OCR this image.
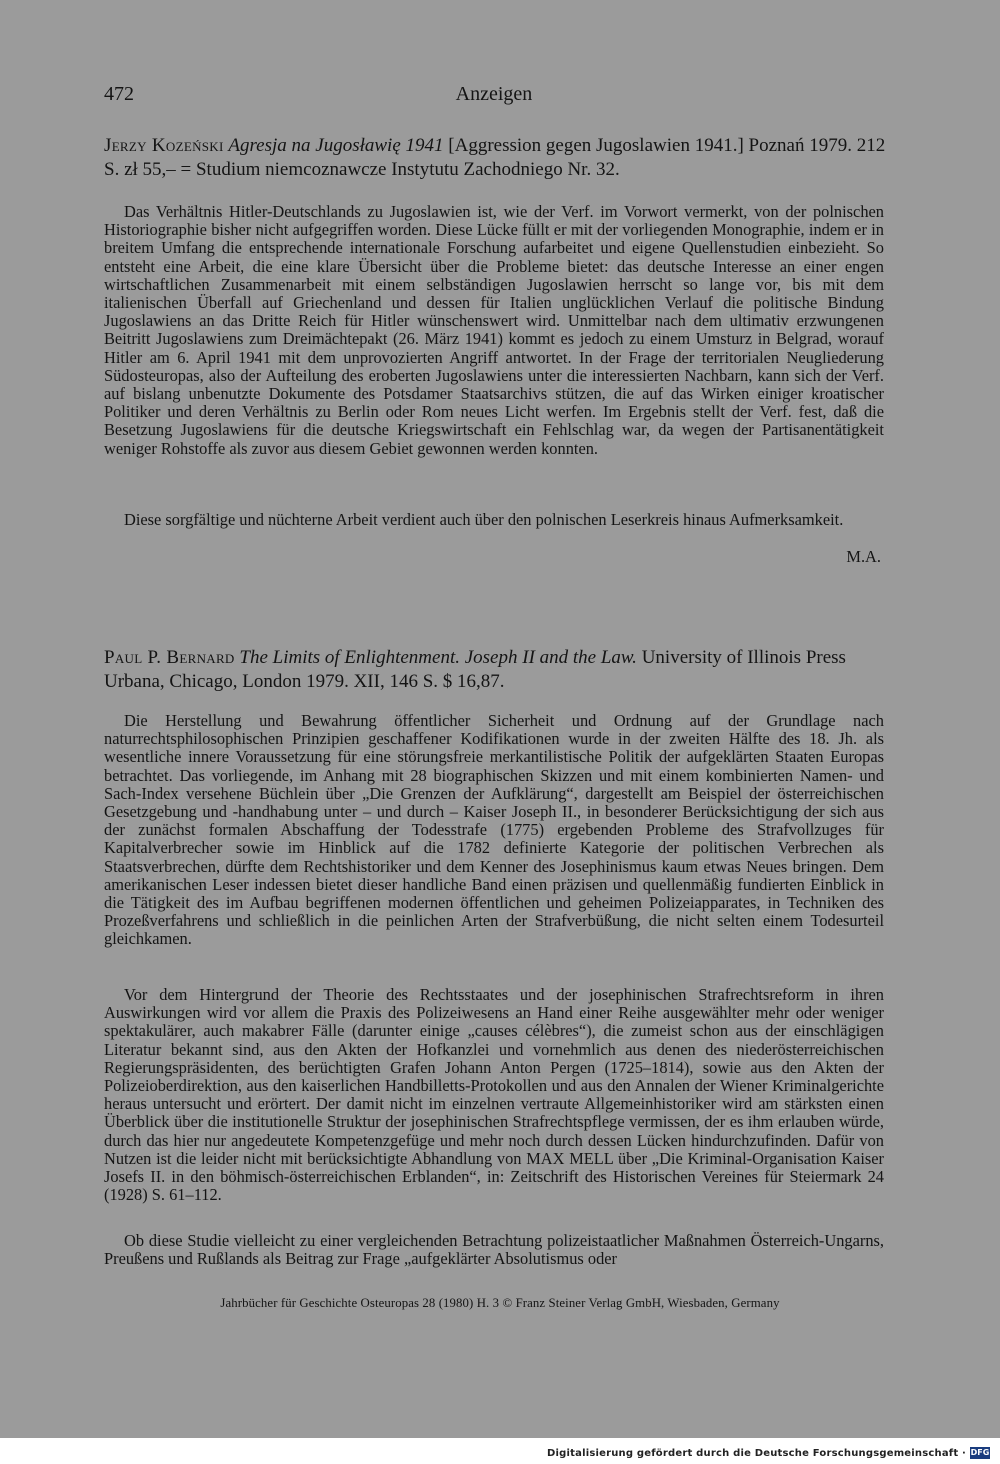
472	Anzeigen
Jerzy Kozeński Agresja na Jugosławię 1941 [Aggression gegen Jugoslawien 1941.] Poznań 1979. 212 S. zł 55,– = Studium niemcoznawcze Instytutu Zachodniego Nr. 32.

Das Verhältnis Hitler-Deutschlands zu Jugoslawien ist, wie der Verf. im Vorwort vermerkt, von der polnischen Historiographie bisher nicht aufgegriffen worden. Diese Lücke füllt er mit der vorliegenden Monographie, indem er in breitem Umfang die entsprechende internationale Forschung aufarbeitet und eigene Quellenstudien einbezieht. So entsteht eine Arbeit, die eine klare Übersicht über die Probleme bietet: das deutsche Interesse an einer engen wirtschaftlichen Zusammenarbeit mit einem selbständigen Jugoslawien herrscht so lange vor, bis mit dem italienischen Überfall auf Griechenland und dessen für Italien unglücklichen Verlauf die politische Bindung Jugoslawiens an das Dritte Reich für Hitler wünschenswert wird. Unmittelbar nach dem ultimativ erzwungenen Beitritt Jugoslawiens zum Dreimächtepakt (26. März 1941) kommt es jedoch zu einem Umsturz in Belgrad, worauf Hitler am 6. April 1941 mit dem unprovozierten Angriff antwortet. In der Frage der territorialen Neugliederung Südosteuropas, also der Aufteilung des eroberten Jugoslawiens unter die interessierten Nachbarn, kann sich der Verf. auf bislang unbenutzte Dokumente des Potsdamer Staatsarchivs stützen, die auf das Wirken einiger kroatischer Politiker und deren Verhältnis zu Berlin oder Rom neues Licht werfen. Im Ergebnis stellt der Verf. fest, daß die Besetzung Jugoslawiens für die deutsche Kriegswirtschaft ein Fehlschlag war, da wegen der Partisanentätigkeit weniger Rohstoffe als zuvor aus diesem Gebiet gewonnen werden konnten.

Diese sorgfältige und nüchterne Arbeit verdient auch über den polnischen Leserkreis hinaus Aufmerksamkeit.

M.A.
Paul P. Bernard The Limits of Enlightenment. Joseph II and the Law. University of Illinois Press Urbana, Chicago, London 1979. XII, 146 S. $ 16,87.

Die Herstellung und Bewahrung öffentlicher Sicherheit und Ordnung auf der Grundlage nach naturrechtsphilosophischen Prinzipien geschaffener Kodifikationen wurde in der zweiten Hälfte des 18. Jh. als wesentliche innere Voraussetzung für eine störungsfreie merkantilistische Politik der aufgeklärten Staaten Europas betrachtet. Das vorliegende, im Anhang mit 28 biographischen Skizzen und mit einem kombinierten Namen- und Sach-Index versehene Büchlein über „Die Grenzen der Aufklärung“, dargestellt am Beispiel der österreichischen Gesetzgebung und -handhabung unter – und durch – Kaiser Joseph II., in besonderer Berücksichtigung der sich aus der zunächst formalen Abschaffung der Todesstrafe (1775) ergebenden Probleme des Strafvollzuges für Kapitalverbrecher sowie im Hinblick auf die 1782 definierte Kategorie der politischen Verbrechen als Staatsverbrechen, dürfte dem Rechtshistoriker und dem Kenner des Josephinismus kaum etwas Neues bringen. Dem amerikanischen Leser indessen bietet dieser handliche Band einen präzisen und quellenmäßig fundierten Einblick in die Tätigkeit des im Aufbau begriffenen modernen öffentlichen und geheimen Polizeiapparates, in Techniken des Prozeßverfahrens und schließlich in die peinlichen Arten der Strafverbüßung, die nicht selten einem Todesurteil gleichkamen.

Vor dem Hintergrund der Theorie des Rechtsstaates und der josephinischen Strafrechtsreform in ihren Auswirkungen wird vor allem die Praxis des Polizeiwesens an Hand einer Reihe ausgewählter mehr oder weniger spektakulärer, auch makabrer Fälle (darunter einige „causes célèbres“), die zumeist schon aus der einschlägigen Literatur bekannt sind, aus den Akten der Hofkanzlei und vornehmlich aus denen des niederösterreichischen Regierungspräsidenten, des berüchtigten Grafen Johann Anton Pergen (1725–1814), sowie aus den Akten der Polizeioberdirektion, aus den kaiserlichen Handbilletts-Protokollen und aus den Annalen der Wiener Kriminalgerichte heraus untersucht und erörtert. Der damit nicht im einzelnen vertraute Allgemeinhistoriker wird am stärksten einen Überblick über die institutionelle Struktur der josephinischen Strafrechtspflege vermissen, der es ihm erlauben würde, durch das hier nur angedeutete Kompetenzgefüge und mehr noch durch dessen Lücken hindurchzufinden. Dafür von Nutzen ist die leider nicht mit berücksichtigte Abhandlung von MAX MELL über „Die Kriminal-Organisation Kaiser Josefs II. in den böhmisch-österreichischen Erblanden“, in: Zeitschrift des Historischen Vereines für Steiermark 24 (1928) S. 61–112.

Ob diese Studie vielleicht zu einer vergleichenden Betrachtung polizeistaatlicher Maßnahmen Österreich-Ungarns, Preußens und Rußlands als Beitrag zur Frage „aufgeklärter Absolutismus oder

Jahrbücher für Geschichte Osteuropas 28 (1980) H. 3 © Franz Steiner Verlag GmbH, Wiesbaden, Germany
Digitalisierung gefördert durch die Deutsche Forschungsgemeinschaft · DFG
